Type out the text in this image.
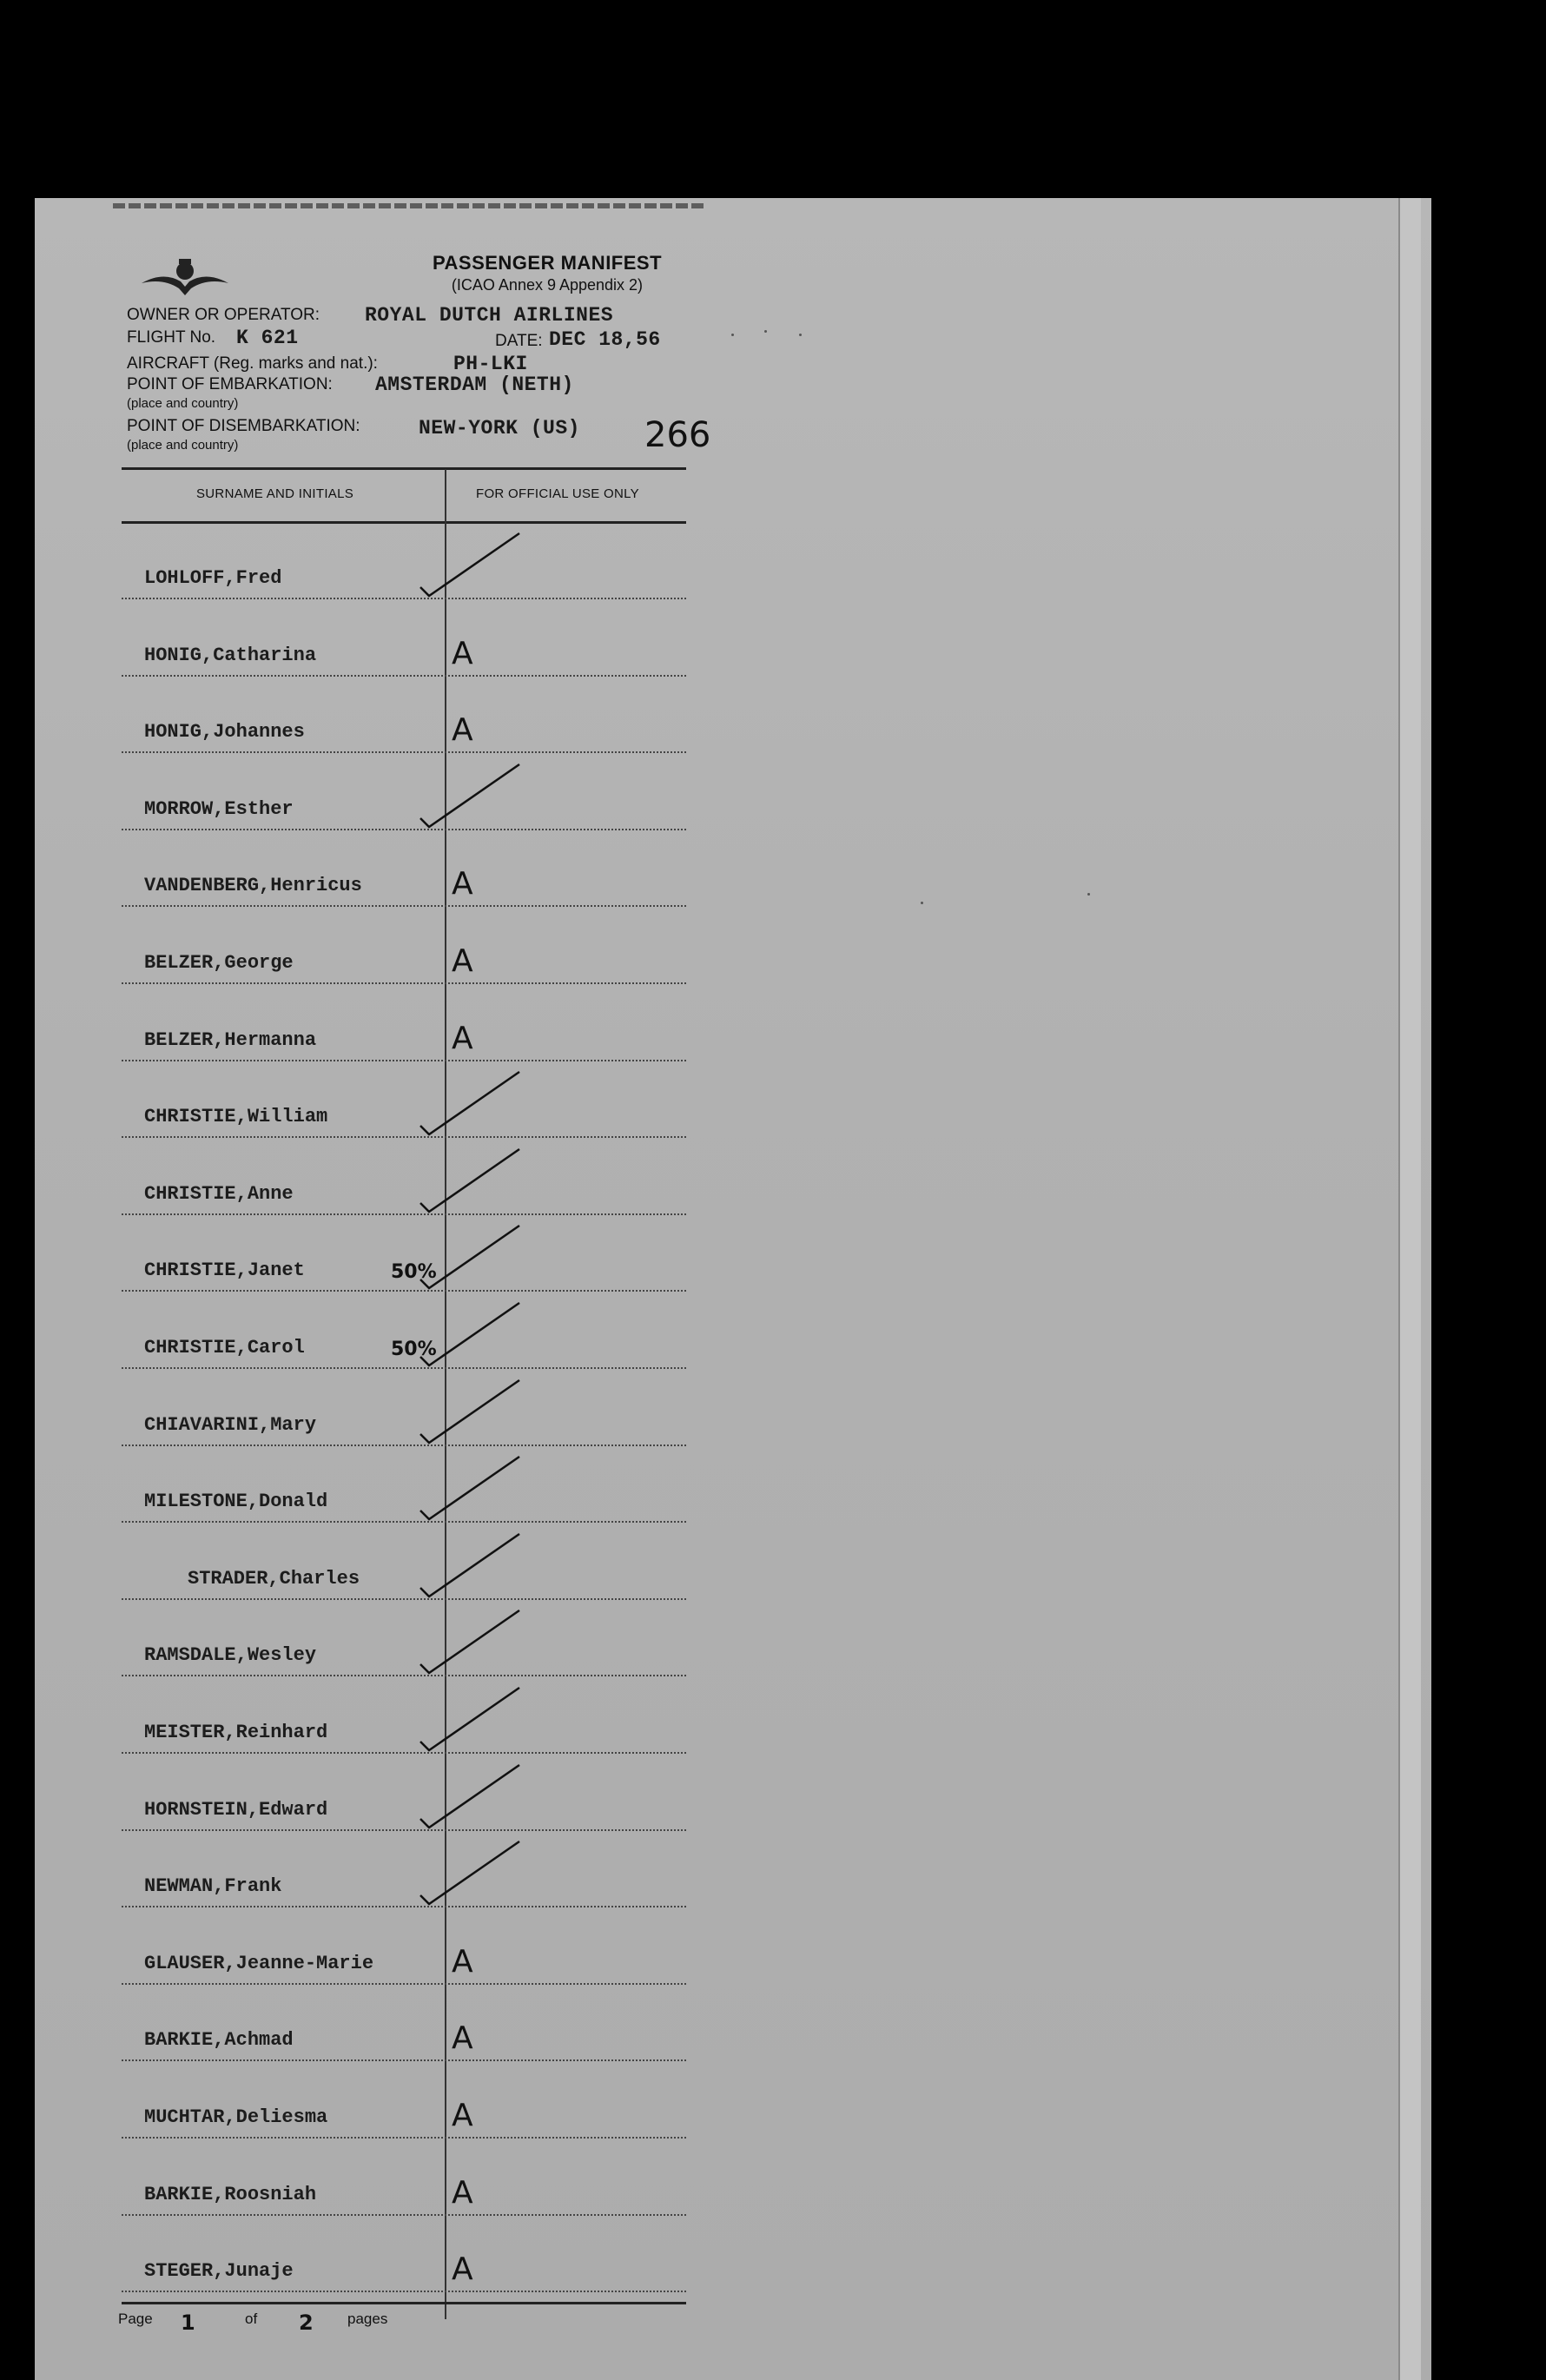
PASSENGER MANIFEST
(ICAO Annex 9 Appendix 2)
OWNER OR OPERATOR: ROYAL DUTCH AIRLINES
FLIGHT No. K 621	DATE: DEC 18,56
AIRCRAFT (Reg. marks and nat.):	PH-LKI
POINT OF EMBARKATION: AMSTERDAM (NETH)
(place and country)
POINT OF DISEMBARKATION:	NEW-YORK (US)
(place and country)	266
SURNAME AND INITIALS	FOR OFFICIAL USE ONLY
LOHLOFF,Fred
HONIG,Catharina	A
HONIG,Johannes	A
MORROW,Esther
VANDENBERG,Henricus	A
BELZER,George	A
BELZER,Hermanna	A
CHRISTIE,William
CHRISTIE,Anne
CHRISTIE,Janet	50%
CHRISTIE,Carol	50%
CHIAVARINI,Mary
MILESTONE,Donald
STRADER,Charles
RAMSDALE,Wesley
MEISTER,Reinhard
HORNSTEIN,Edward
NEWMAN,Frank
GLAUSER,Jeanne-Marie A
BARKIE,Achmad	A
MUCHTAR,Deliesma	A
BARKIE,Roosniah	A
STEGER,Junaje	A
Page 1	of 2 pages
